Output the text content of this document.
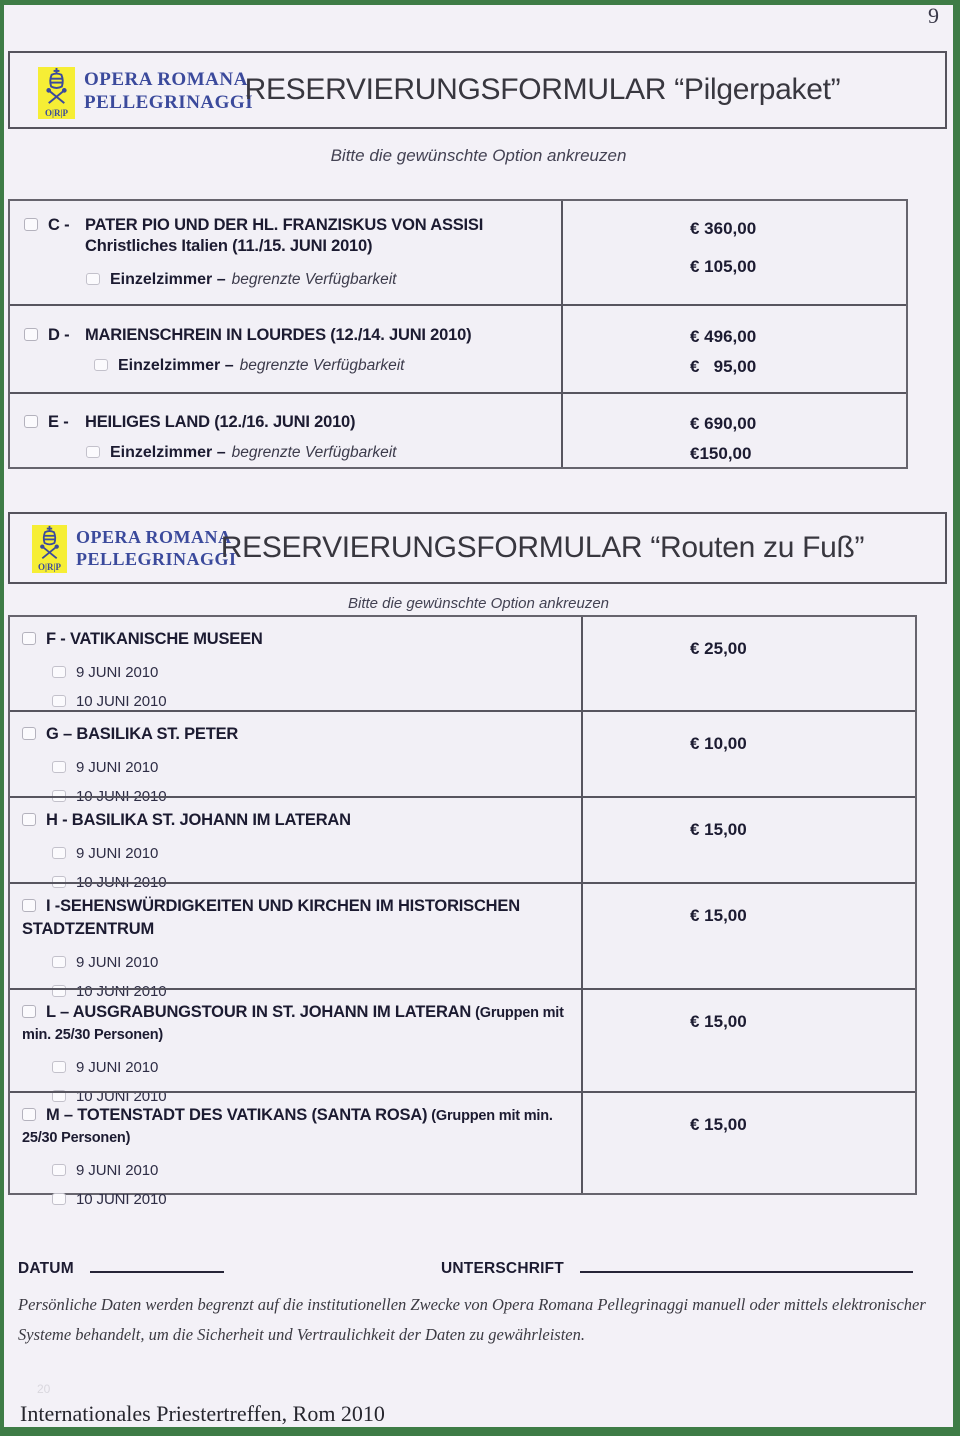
9
O|R|P
OPERA ROMANA
PELLEGRINAGGI
RESERVIERUNGSFORMULAR “Pilgerpaket”
Bitte die gewünschte Option ankreuzen
C - PATER PIO UND DER HL. FRANZISKUS VON ASSISI
Christliches Italien (11./15. JUNI 2010)
Einzelzimmer – begrenzte Verfügbarkeit
€ 360,00
€ 105,00
D - MARIENSCHREIN IN LOURDES (12./14. JUNI 2010)
Einzelzimmer – begrenzte Verfügbarkeit
€ 496,00
€   95,00
E - HEILIGES LAND (12./16. JUNI 2010)
Einzelzimmer – begrenzte Verfügbarkeit
€ 690,00
€150,00
O|R|P
OPERA ROMANA
PELLEGRINAGGI
RESERVIERUNGSFORMULAR “Routen zu Fuß”
Bitte die gewünschte Option ankreuzen
F - VATIKANISCHE MUSEEN
9 JUNI 2010
10 JUNI 2010
€ 25,00
G – BASILIKA ST. PETER
9 JUNI 2010
10 JUNI 2010
€ 10,00
H - BASILIKA ST. JOHANN IM LATERAN
9 JUNI 2010
10 JUNI 2010
€ 15,00
I -SEHENSWÜRDIGKEITEN UND KIRCHEN IM HISTORISCHEN STADTZENTRUM
9 JUNI 2010
10 JUNI 2010
€ 15,00
L – AUSGRABUNGSTOUR IN ST. JOHANN IM LATERAN (Gruppen mit min. 25/30 Personen)
9 JUNI 2010
10 JUNI 2010
€ 15,00
M – TOTENSTADT DES VATIKANS (SANTA ROSA) (Gruppen mit min. 25/30 Personen)
9 JUNI 2010
10 JUNI 2010
€ 15,00
DATUM	UNTERSCHRIFT
Persönliche Daten werden begrenzt auf die institutionellen Zwecke von Opera Romana Pellegrinaggi manuell oder mittels elektronischer Systeme behandelt, um die Sicherheit und Vertraulichkeit der Daten zu gewährleisten.
20
Internationales Priestertreffen, Rom 2010
